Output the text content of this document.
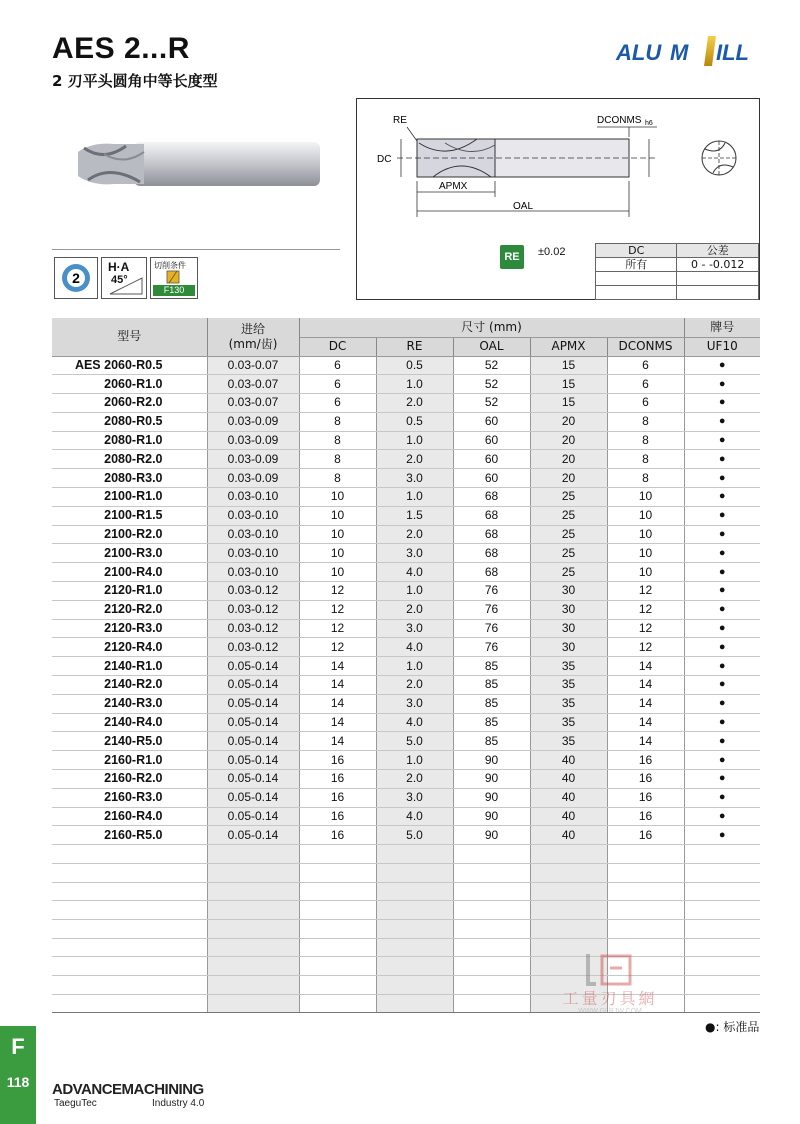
AES 2...R
2 刃平头圆角中等长度型
ALU M ILL
2
H·A
45°
切削条件
F130
RE	DCONMS h6
DC
APMX
OAL
RE	±0.02	DC	公差
所有	0 - -0.012

型号	进给
(mm/齿)	尺寸 (mm)					牌号
		DC	RE	OAL	APMX	DCONMS	UF10
AES 2060-R0.5	0.03-0.07	6	0.5	52	15	6	●
2060-R1.0	0.03-0.07	6	1.0	52	15	6	●
2060-R2.0	0.03-0.07	6	2.0	52	15	6	●
2080-R0.5	0.03-0.09	8	0.5	60	20	8	●
2080-R1.0	0.03-0.09	8	1.0	60	20	8	●
2080-R2.0	0.03-0.09	8	2.0	60	20	8	●
2080-R3.0	0.03-0.09	8	3.0	60	20	8	●
2100-R1.0	0.03-0.10	10	1.0	68	25	10	●
2100-R1.5	0.03-0.10	10	1.5	68	25	10	●
2100-R2.0	0.03-0.10	10	2.0	68	25	10	●
2100-R3.0	0.03-0.10	10	3.0	68	25	10	●
2100-R4.0	0.03-0.10	10	4.0	68	25	10	●
2120-R1.0	0.03-0.12	12	1.0	76	30	12	●
2120-R2.0	0.03-0.12	12	2.0	76	30	12	●
2120-R3.0	0.03-0.12	12	3.0	76	30	12	●
2120-R4.0	0.03-0.12	12	4.0	76	30	12	●
2140-R1.0	0.05-0.14	14	1.0	85	35	14	●
2140-R2.0	0.05-0.14	14	2.0	85	35	14	●
2140-R3.0	0.05-0.14	14	3.0	85	35	14	●
2140-R4.0	0.05-0.14	14	4.0	85	35	14	●
2140-R5.0	0.05-0.14	14	5.0	85	35	14	●
2160-R1.0	0.05-0.14	16	1.0	90	40	16	●
2160-R2.0	0.05-0.14	16	2.0	90	40	16	●
2160-R3.0	0.05-0.14	16	3.0	90	40	16	●
2160-R4.0	0.05-0.14	16	4.0	90	40	16	●
2160-R5.0	0.05-0.14	16	5.0	90	40	16	●

工量刃具網
WWW.GLRJW.COM
●: 标准品
F
118	ADVANCEMACHINING
TaeguTec	Industry 4.0
